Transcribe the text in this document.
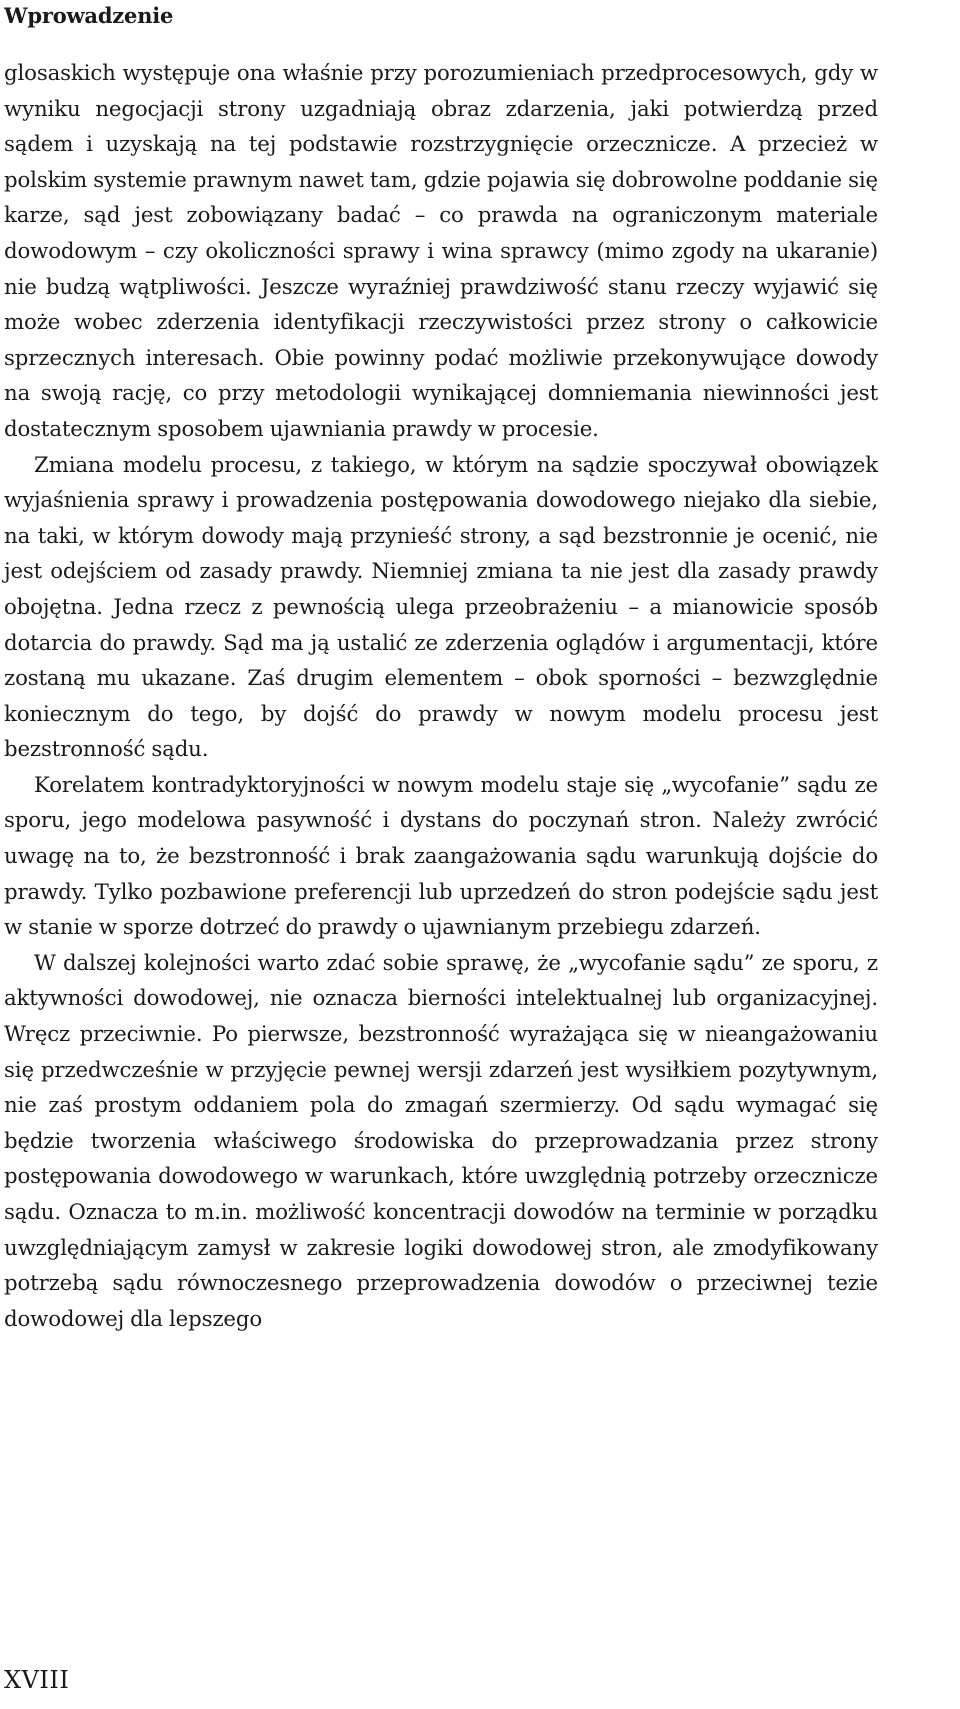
Wprowadzenie

glosaskich występuje ona właśnie przy porozumieniach przedprocesowych, gdy w wyniku negocjacji strony uzgadniają obraz zdarzenia, jaki potwierdzą przed sądem i uzyskają na tej podstawie rozstrzygnięcie orzecznicze. A przecież w polskim systemie prawnym nawet tam, gdzie pojawia się dobrowolne poddanie się karze, sąd jest zobowiązany badać – co prawda na ograniczonym materiale dowodowym – czy okoliczności sprawy i wina sprawcy (mimo zgody na ukaranie) nie budzą wątpliwości. Jeszcze wyraźniej prawdziwość stanu rzeczy wyjawić się może wobec zderzenia identyfikacji rzeczywistości przez strony o całkowicie sprzecznych interesach. Obie powinny podać możliwie przekonywujące dowody na swoją rację, co przy metodologii wynikającej domniemania niewinności jest dostatecznym sposobem ujawniania prawdy w procesie.

Zmiana modelu procesu, z takiego, w którym na sądzie spoczywał obowiązek wyjaśnienia sprawy i prowadzenia postępowania dowodowego niejako dla siebie, na taki, w którym dowody mają przynieść strony, a sąd bezstronnie je ocenić, nie jest odejściem od zasady prawdy. Niemniej zmiana ta nie jest dla zasady prawdy obojętna. Jedna rzecz z pewnością ulega przeobrażeniu – a mianowicie sposób dotarcia do prawdy. Sąd ma ją ustalić ze zderzenia oglądów i argumentacji, które zostaną mu ukazane. Zaś drugim elementem – obok sporności – bezwzględnie koniecznym do tego, by dojść do prawdy w nowym modelu procesu jest bezstronność sądu.

Korelatem kontradyktoryjności w nowym modelu staje się „wycofanie” sądu ze sporu, jego modelowa pasywność i dystans do poczynań stron. Należy zwrócić uwagę na to, że bezstronność i brak zaangażowania sądu warunkują dojście do prawdy. Tylko pozbawione preferencji lub uprzedzeń do stron podejście sądu jest w stanie w sporze dotrzeć do prawdy o ujawnianym przebiegu zdarzeń.

W dalszej kolejności warto zdać sobie sprawę, że „wycofanie sądu” ze sporu, z aktywności dowodowej, nie oznacza bierności intelektualnej lub organizacyjnej. Wręcz przeciwnie. Po pierwsze, bezstronność wyrażająca się w nieangażowaniu się przedwcześnie w przyjęcie pewnej wersji zdarzeń jest wysiłkiem pozytywnym, nie zaś prostym oddaniem pola do zmagań szermierzy. Od sądu wymagać się będzie tworzenia właściwego środowiska do przeprowadzania przez strony postępowania dowodowego w warunkach, które uwzględnią potrzeby orzecznicze sądu. Oznacza to m.in. możliwość koncentracji dowodów na terminie w porządku uwzględniającym zamysł w zakresie logiki dowodowej stron, ale zmodyfikowany potrzebą sądu równoczesnego przeprowadzenia dowodów o przeciwnej tezie dowodowej dla lepszego

XVIII
